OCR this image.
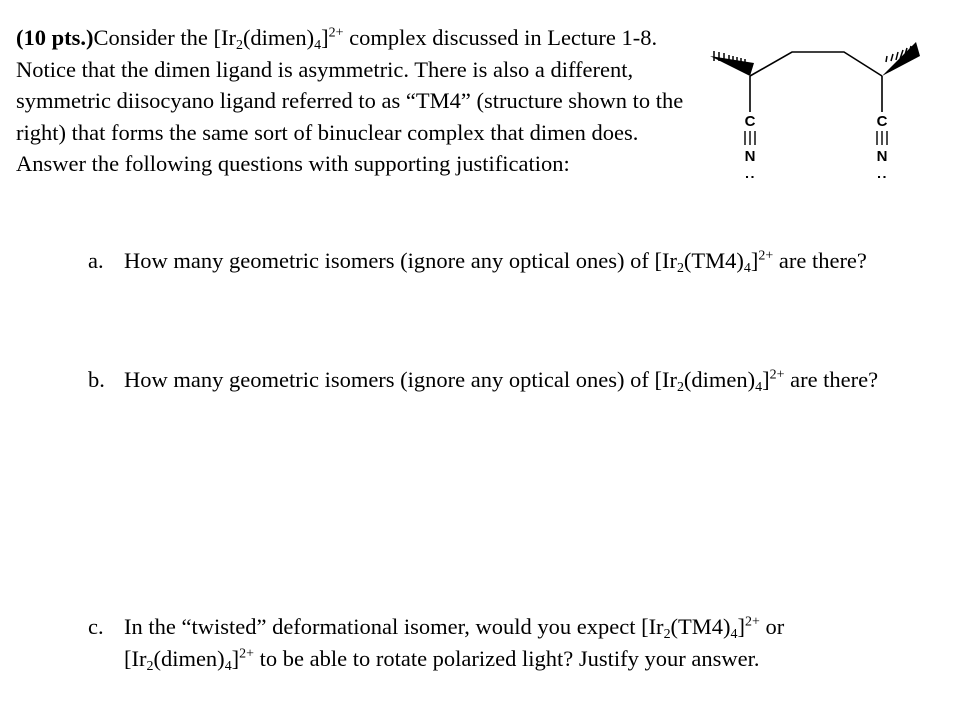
(10 pts.)Consider the $[Ir_2(dimen)_4]^{2+}$ complex discussed in Lecture 1-8. Notice that the dimen ligand is asymmetric. There is also a different, symmetric diisocyano ligand referred to as “TM4” (structure shown to the right) that forms the same sort of binuclear complex that dimen does. Answer the following questions with supporting justification:
C
N
:
C
N
:
a. How many geometric isomers (ignore any optical ones) of $[Ir_2(TM4)_4]^{2+}$ are there?
b. How many geometric isomers (ignore any optical ones) of $[Ir_2(dimen)_4]^{2+}$ are there?
c. In the “twisted” deformational isomer, would you expect $[Ir_2(TM4)_4]^{2+}$ or
$[Ir_2(dimen)_4]^{2+}$ to be able to rotate polarized light? Justify your answer.
